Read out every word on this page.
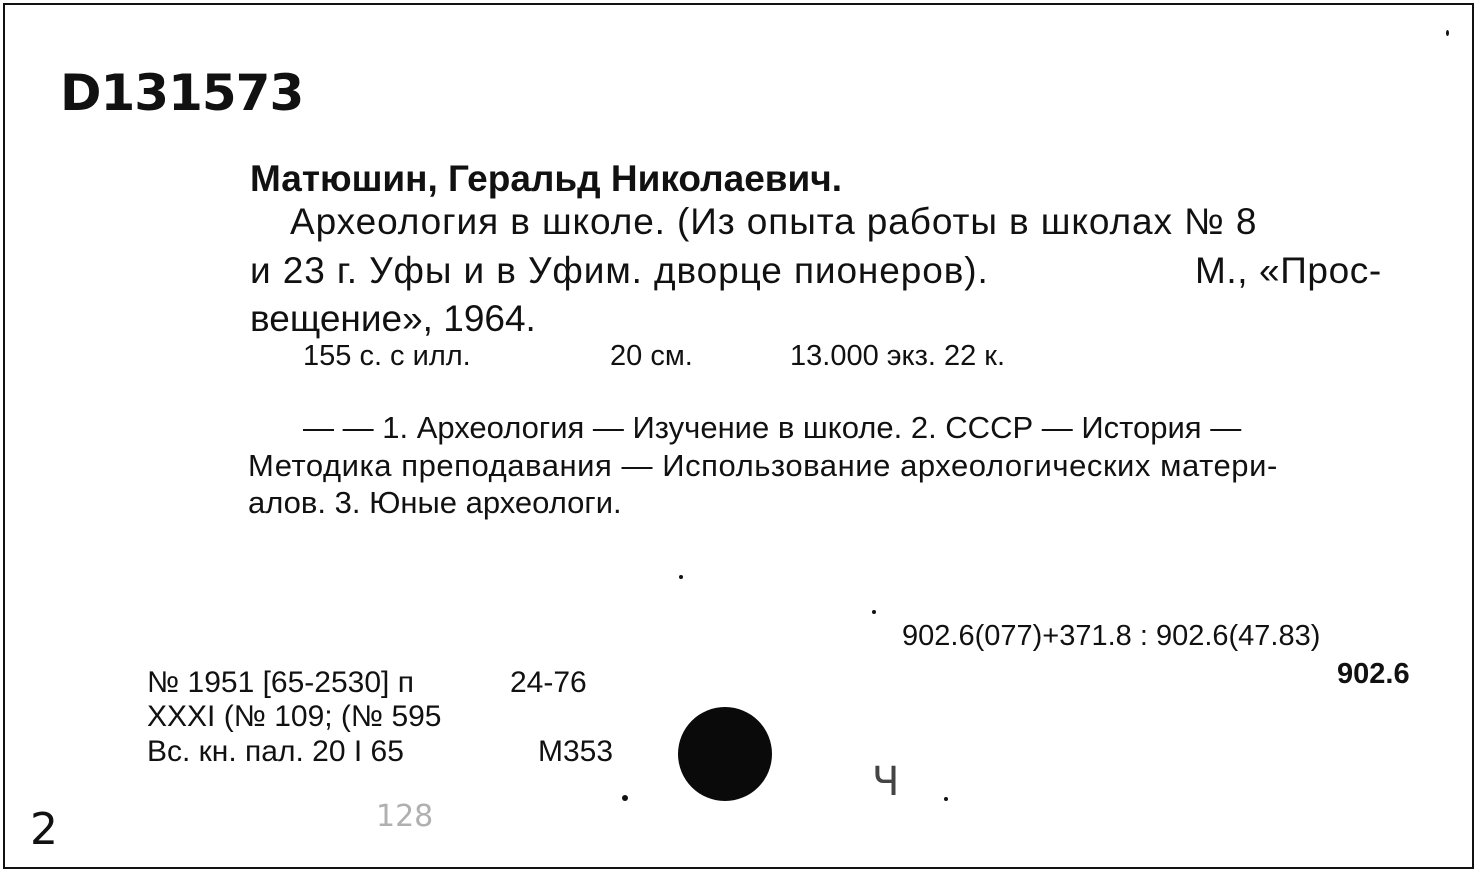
D131573
Матюшин, Геральд Николаевич.
Археология в школе. (Из опыта работы в школах № 8
и 23 г. Уфы и в Уфим. дворце пионеров).	М., «Прос-
вещение», 1964.
155 с. с илл.	20 см.	13.000 экз. 22 к.
— — 1. Археология — Изучение в школе. 2. СССР — История —
Методика преподавания — Использование археологических матери-
алов. 3. Юные археологи.
902.6(077)+371.8 : 902.6(47.83)
902.6
№ 1951 [65-2530] п	24-76
XXXI (№ 109; (№ 595
Вс. кн. пал. 20 I 65	M353
Ч
128
2
